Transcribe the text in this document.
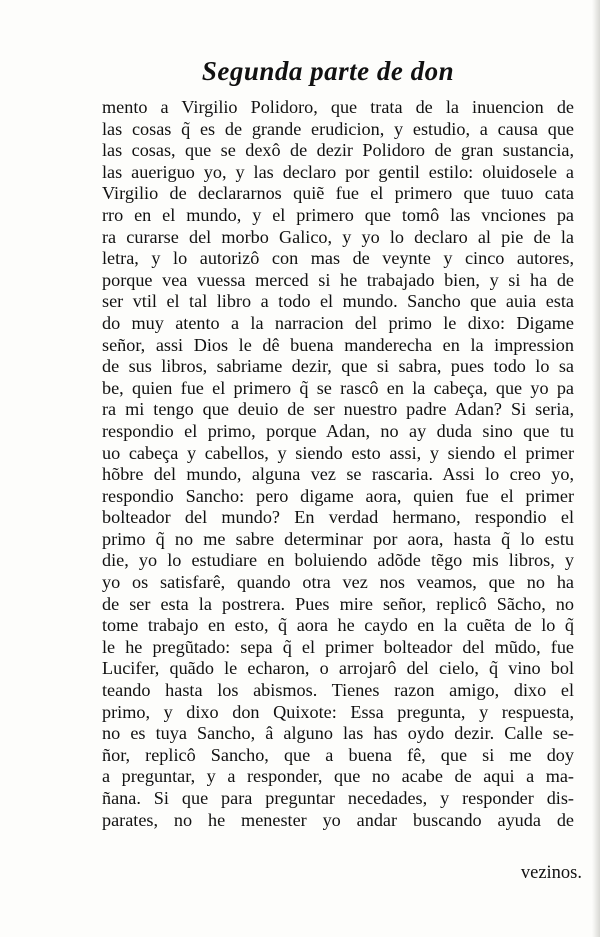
Segunda parte de don
mento a Virgilio Polidoro, que trata de la inuencion de
las cosas q̃ es de grande erudicion, y estudio, a causa que
las cosas, que se dexô de dezir Polidoro de gran sustancia,
las aueriguo yo, y las declaro por gentil estilo: oluidosele a
Virgilio de declararnos quiẽ fue el primero que tuuo cata
rro en el mundo, y el primero que tomô las vnciones pa
ra curarse del morbo Galico, y yo lo declaro al pie de la
letra, y lo autorizô con mas de veynte y cinco autores,
porque vea vuessa merced si he trabajado bien, y si ha de
ser vtil el tal libro a todo el mundo. Sancho que auia esta
do muy atento a la narracion del primo le dixo: Digame
señor, assi Dios le dê buena manderecha en la impression
de sus libros, sabriame dezir, que si sabra, pues todo lo sa
be, quien fue el primero q̃ se rascô en la cabeça, que yo pa
ra mi tengo que deuio de ser nuestro padre Adan? Si seria,
respondio el primo, porque Adan, no ay duda sino que tu
uo cabeça y cabellos, y siendo esto assi, y siendo el primer
hõbre del mundo, alguna vez se rascaria. Assi lo creo yo,
respondio Sancho: pero digame aora, quien fue el primer
bolteador del mundo? En verdad hermano, respondio el
primo q̃ no me sabre determinar por aora, hasta q̃ lo estu
die, yo lo estudiare en boluiendo adõde tẽgo mis libros, y
yo os satisfarê, quando otra vez nos veamos, que no ha
de ser esta la postrera. Pues mire señor, replicô Sãcho, no
tome trabajo en esto, q̃ aora he caydo en la cuẽta de lo q̃
le he pregũtado: sepa q̃ el primer bolteador del mũdo, fue
Lucifer, quãdo le echaron, o arrojarô del cielo, q̃ vino bol
teando hasta los abismos. Tienes razon amigo, dixo el
primo, y dixo don Quixote: Essa pregunta, y respuesta,
no es tuya Sancho, â alguno las has oydo dezir. Calle se-
ñor, replicô Sancho, que a buena fê, que si me doy
a preguntar, y a responder, que no acabe de aqui a ma-
ñana. Si que para preguntar necedades, y responder dis-
parates, no he menester yo andar buscando ayuda de
vezinos.
